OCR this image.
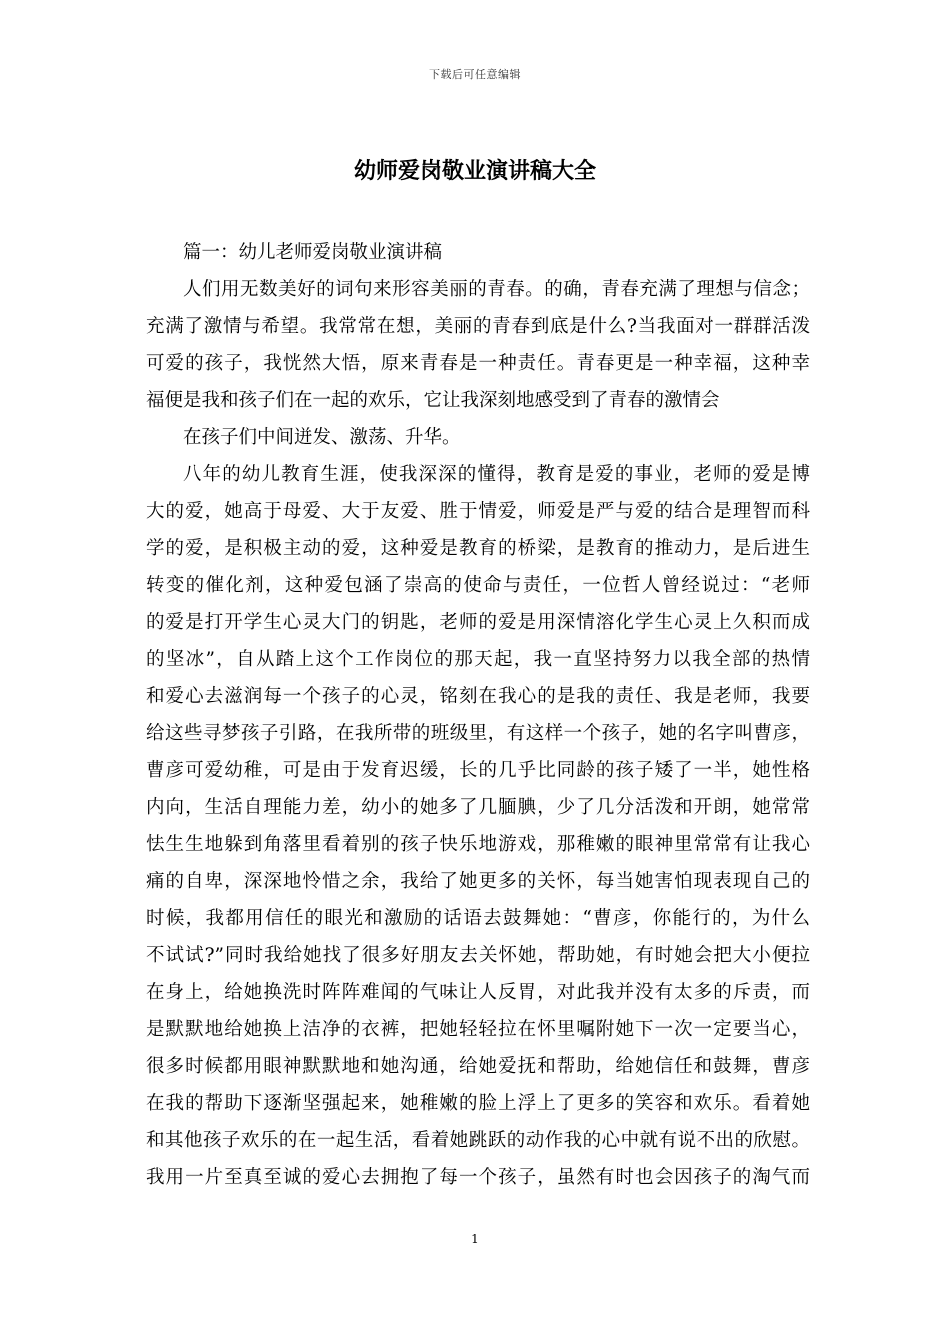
下载后可任意编辑
幼师爱岗敬业演讲稿大全
篇一：幼儿老师爱岗敬业演讲稿
人们用无数美好的词句来形容美丽的青春。的确，青春充满了理想与信念；
充满了激情与希望。我常常在想，美丽的青春到底是什么?当我面对一群群活泼
可爱的孩子，我恍然大悟，原来青春是一种责任。青春更是一种幸福，这种幸
福便是我和孩子们在一起的欢乐，它让我深刻地感受到了青春的激情会
在孩子们中间迸发、激荡、升华。
八年的幼儿教育生涯，使我深深的懂得，教育是爱的事业，老师的爱是博
大的爱，她高于母爱、大于友爱、胜于情爱，师爱是严与爱的结合是理智而科
学的爱，是积极主动的爱，这种爱是教育的桥梁，是教育的推动力，是后进生
转变的催化剂，这种爱包涵了崇高的使命与责任，一位哲人曾经说过：“老师
的爱是打开学生心灵大门的钥匙，老师的爱是用深情溶化学生心灵上久积而成
的坚冰”，自从踏上这个工作岗位的那天起，我一直坚持努力以我全部的热情
和爱心去滋润每一个孩子的心灵，铭刻在我心的是我的责任、我是老师，我要
给这些寻梦孩子引路，在我所带的班级里，有这样一个孩子，她的名字叫曹彦，
曹彦可爱幼稚，可是由于发育迟缓，长的几乎比同龄的孩子矮了一半，她性格
内向，生活自理能力差，幼小的她多了几腼腆，少了几分活泼和开朗，她常常
怯生生地躲到角落里看着别的孩子快乐地游戏，那稚嫩的眼神里常常有让我心
痛的自卑，深深地怜惜之余，我给了她更多的关怀，每当她害怕现表现自己的
时候，我都用信任的眼光和激励的话语去鼓舞她：“曹彦，你能行的，为什么
不试试?”同时我给她找了很多好朋友去关怀她，帮助她，有时她会把大小便拉
在身上，给她换洗时阵阵难闻的气味让人反胃，对此我并没有太多的斥责，而
是默默地给她换上洁净的衣裤，把她轻轻拉在怀里嘱附她下一次一定要当心，
很多时候都用眼神默默地和她沟通，给她爱抚和帮助，给她信任和鼓舞，曹彦
在我的帮助下逐渐坚强起来，她稚嫩的脸上浮上了更多的笑容和欢乐。看着她
和其他孩子欢乐的在一起生活，看着她跳跃的动作我的心中就有说不出的欣慰。
我用一片至真至诚的爱心去拥抱了每一个孩子，虽然有时也会因孩子的淘气而
1
